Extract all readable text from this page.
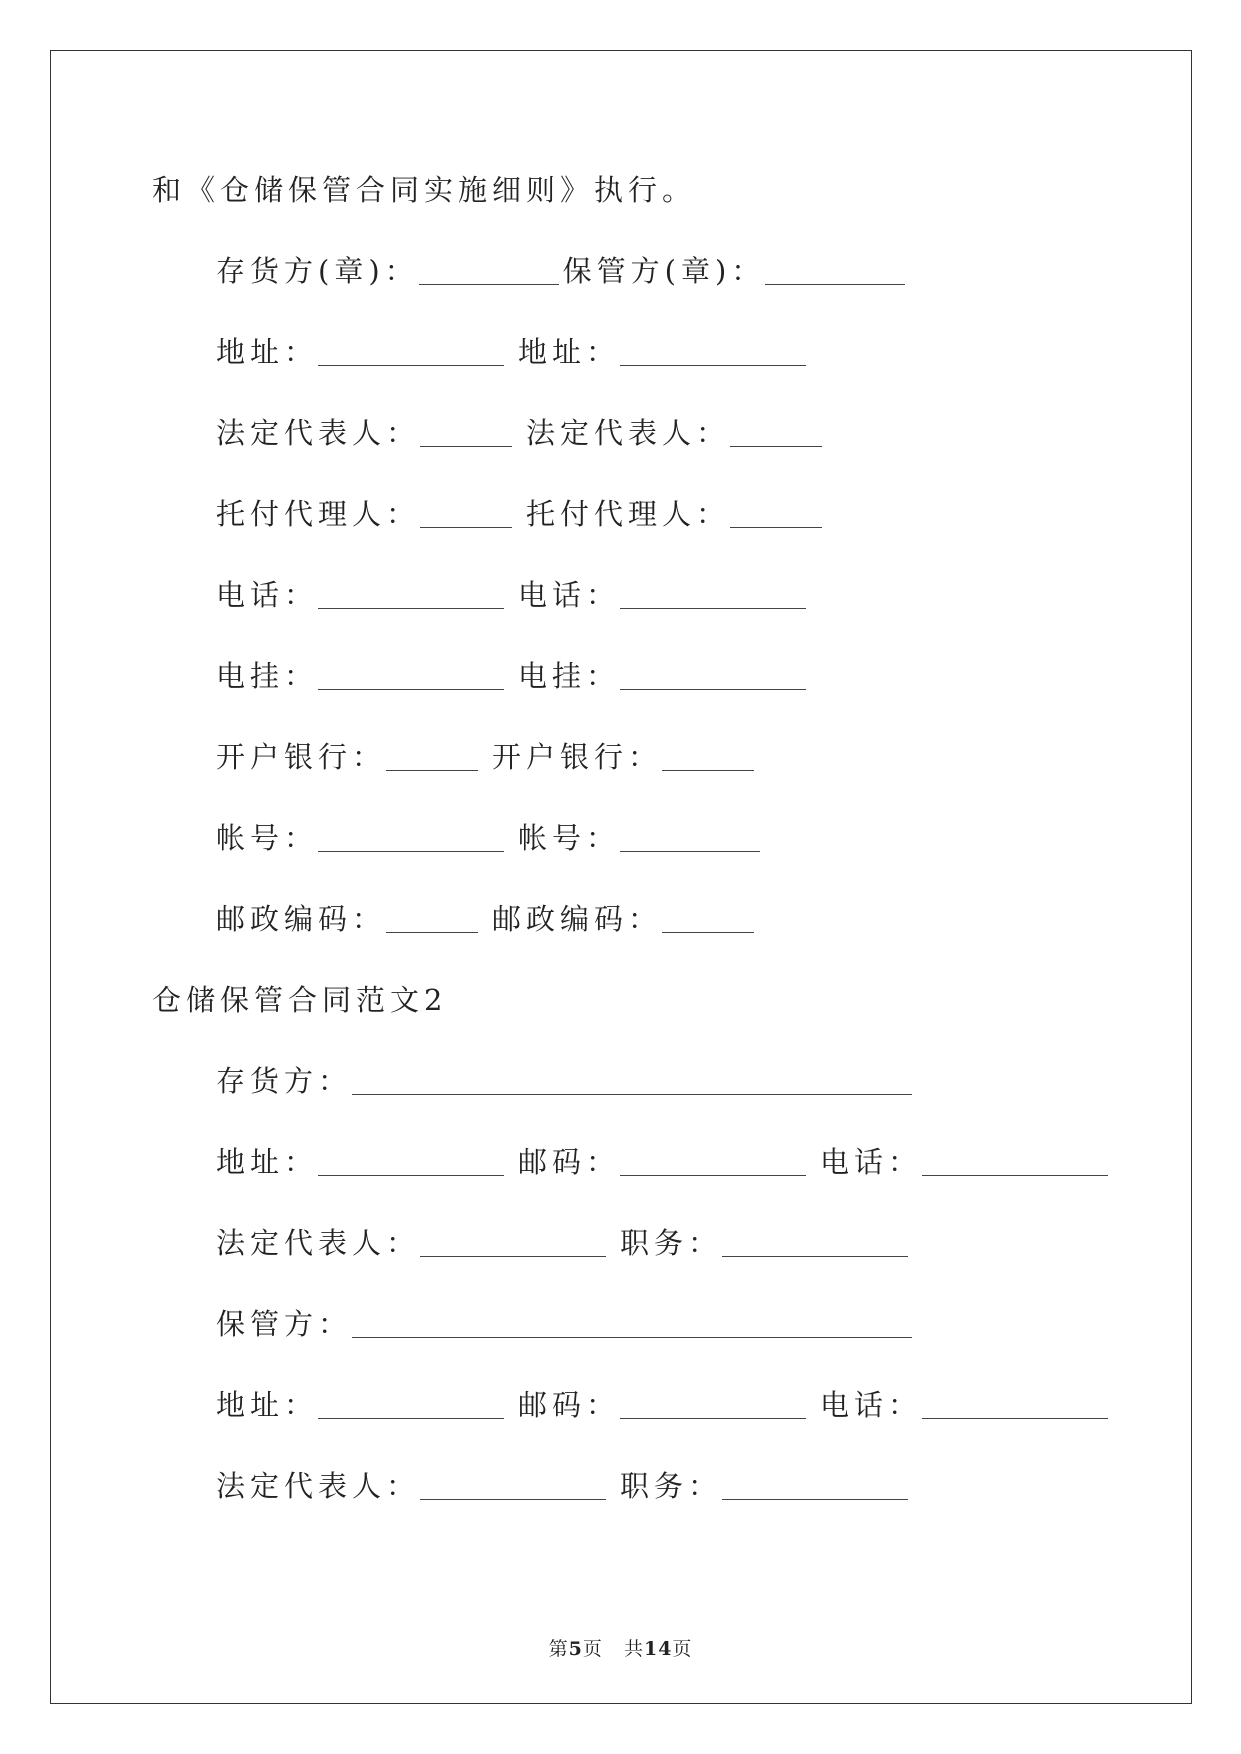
和《仓储保管合同实施细则》执行。
存货方(章)：	保管方(章)：
地址：	地址：
法定代表人：	法定代表人：
托付代理人：	托付代理人：
电话：	电话：
电挂：	电挂：
开户银行：	开户银行：
帐号：	帐号：
邮政编码：	邮政编码：
仓储保管合同范文2
存货方：
地址：	邮码：	电话：
法定代表人：	职务：
保管方：
地址：	邮码：	电话：
法定代表人：	职务：
第5页 共14页
